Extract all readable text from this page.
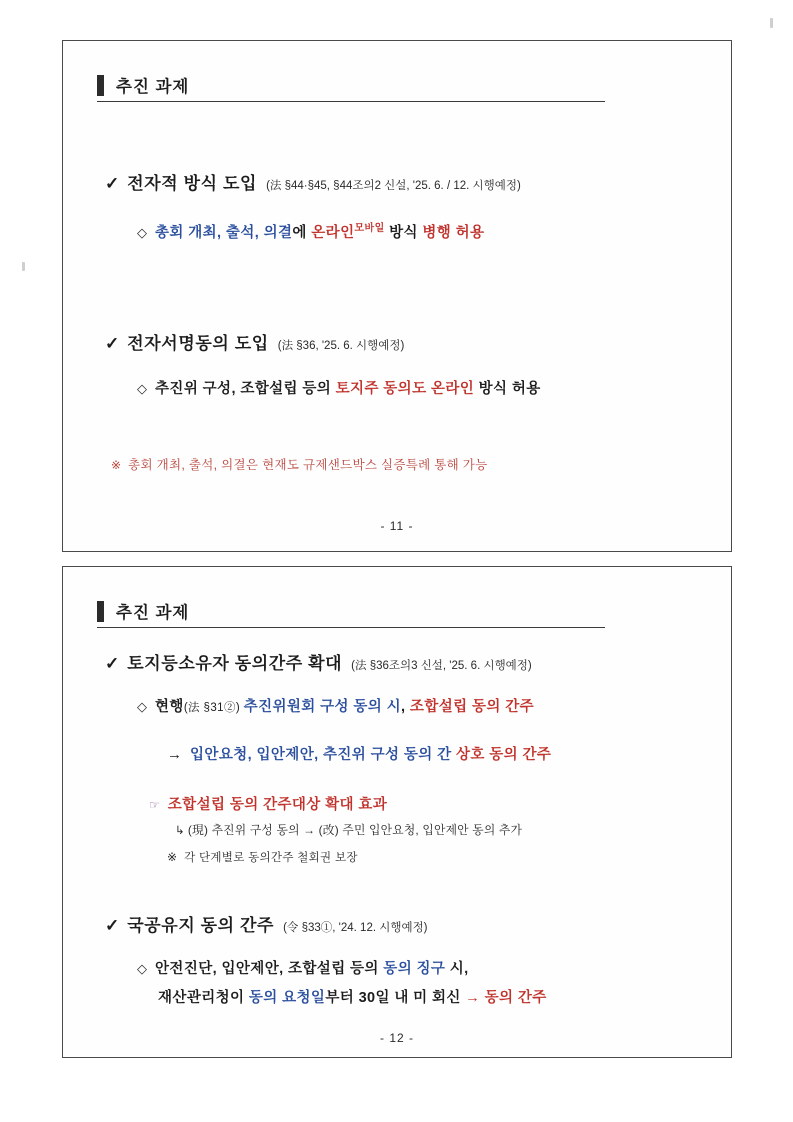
추진 과제
✓ 전자적 방식 도입 (法 §44·§45, §44조의2 신설, '25. 6. / 12. 시행예정)
◇ 총회 개최, 출석, 의결에 온라인$^{모바일}$ 방식 병행 허용
✓ 전자서명동의 도입 (法 §36, '25. 6. 시행예정)
◇ 추진위 구성, 조합설립 등의 토지주 동의도 온라인 방식 허용
※ 총회 개최, 출석, 의결은 현재도 규제샌드박스 실증특례 통해 가능
- 11 -
추진 과제
✓ 토지등소유자 동의간주 확대 (法 §36조의3 신설, '25. 6. 시행예정)
◇ 현행(法 §31②) 추진위원회 구성 동의 시, 조합설립 동의 간주
→ 입안요청, 입안제안, 추진위 구성 동의 간 상호 동의 간주
☞ 조합설립 동의 간주대상 확대 효과
↳ (現) 추진위 구성 동의 → (改) 주민 입안요청, 입안제안 동의 추가
※ 각 단계별로 동의간주 철회권 보장
✓ 국공유지 동의 간주 (令 §33①, '24. 12. 시행예정)
◇ 안전진단, 입안제안, 조합설립 등의 동의 징구 시,
재산관리청이 동의 요청일부터 30일 내 미 회신 → 동의 간주
- 12 -
